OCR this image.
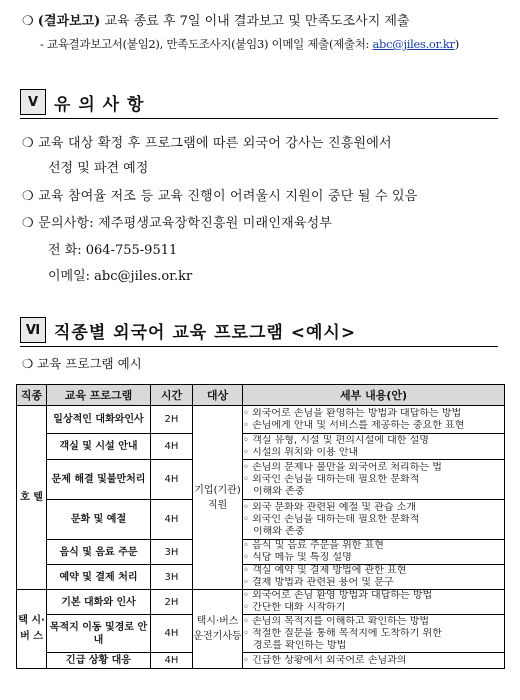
❍ (결과보고) 교육 종료 후 7일 이내 결과보고 및 만족도조사지 제출
- 교육결과보고서(붙임2), 만족도조사지(붙임3) 이메일 제출(제출처: abc@jiles.or.kr)
Ⅴ 유 의 사 항
❍ 교육 대상 확정 후 프로그램에 따른 외국어 강사는 진흥원에서
선정 및 파견 예정
❍ 교육 참여율 저조 등 교육 진행이 어려울시 지원이 중단 될 수 있음
❍ 문의사항: 제주평생교육장학진흥원 미래인재육성부
전 화: 064-755-9511
이메일: abc@jiles.or.kr
Ⅵ 직종별 외국어 교육 프로그램 <예시>
❍ 교육 프로그램 예시
직종	교육 프로그램	시간	대상	세부 내용(안)
호 텔	일상적인 대화와인사	2H	기업(기관)직원	◦ 외국어로 손님을 환영하는 방법과 대답하는 방법
◦ 손님에게 안내 및 서비스를 제공하는 중요한 표현

	객실 및 시설 안내	4H		◦ 객실 유형, 시설 및 편의시설에 대한 설명
◦ 시설의 위치와 이용 안내

	문제 해결 및불만처리	4H		◦ 손님의 문제나 불만을 외국어로 처리하는 법
◦ 외국인 손님을 대하는데 필요한 문화적
이해와 존중

	문화 및 예절	4H		◦ 외국 문화와 관련된 예절 및 관습 소개
◦ 외국인 손님을 대하는데 필요한 문화적
이해와 존중

	음식 및 음료 주문	3H		◦ 음식 및 음료 주문을 위한 표현
◦ 식당 메뉴 및 특징 설명

	예약 및 결제 처리	3H		◦ 객실 예약 및 결제 방법에 관한 표현
◦ 결제 방법과 관련된 용어 및 문구

택 시·버 스	기본 대화와 인사	2H	택시·버스운전기사등	◦ 외국어로 손님 환영 방법과 대답하는 방법
◦ 간단한 대화 시작하기

	목적지 이동 및경로 안내	4H		◦ 손님의 목적지를 이해하고 확인하는 방법
◦ 적절한 질문을 통해 목적지에 도착하기 위한
경로를 확인하는 방법

	긴급 상황 대응	4H		◦ 긴급한 상황에서 외국어로 손님과의
